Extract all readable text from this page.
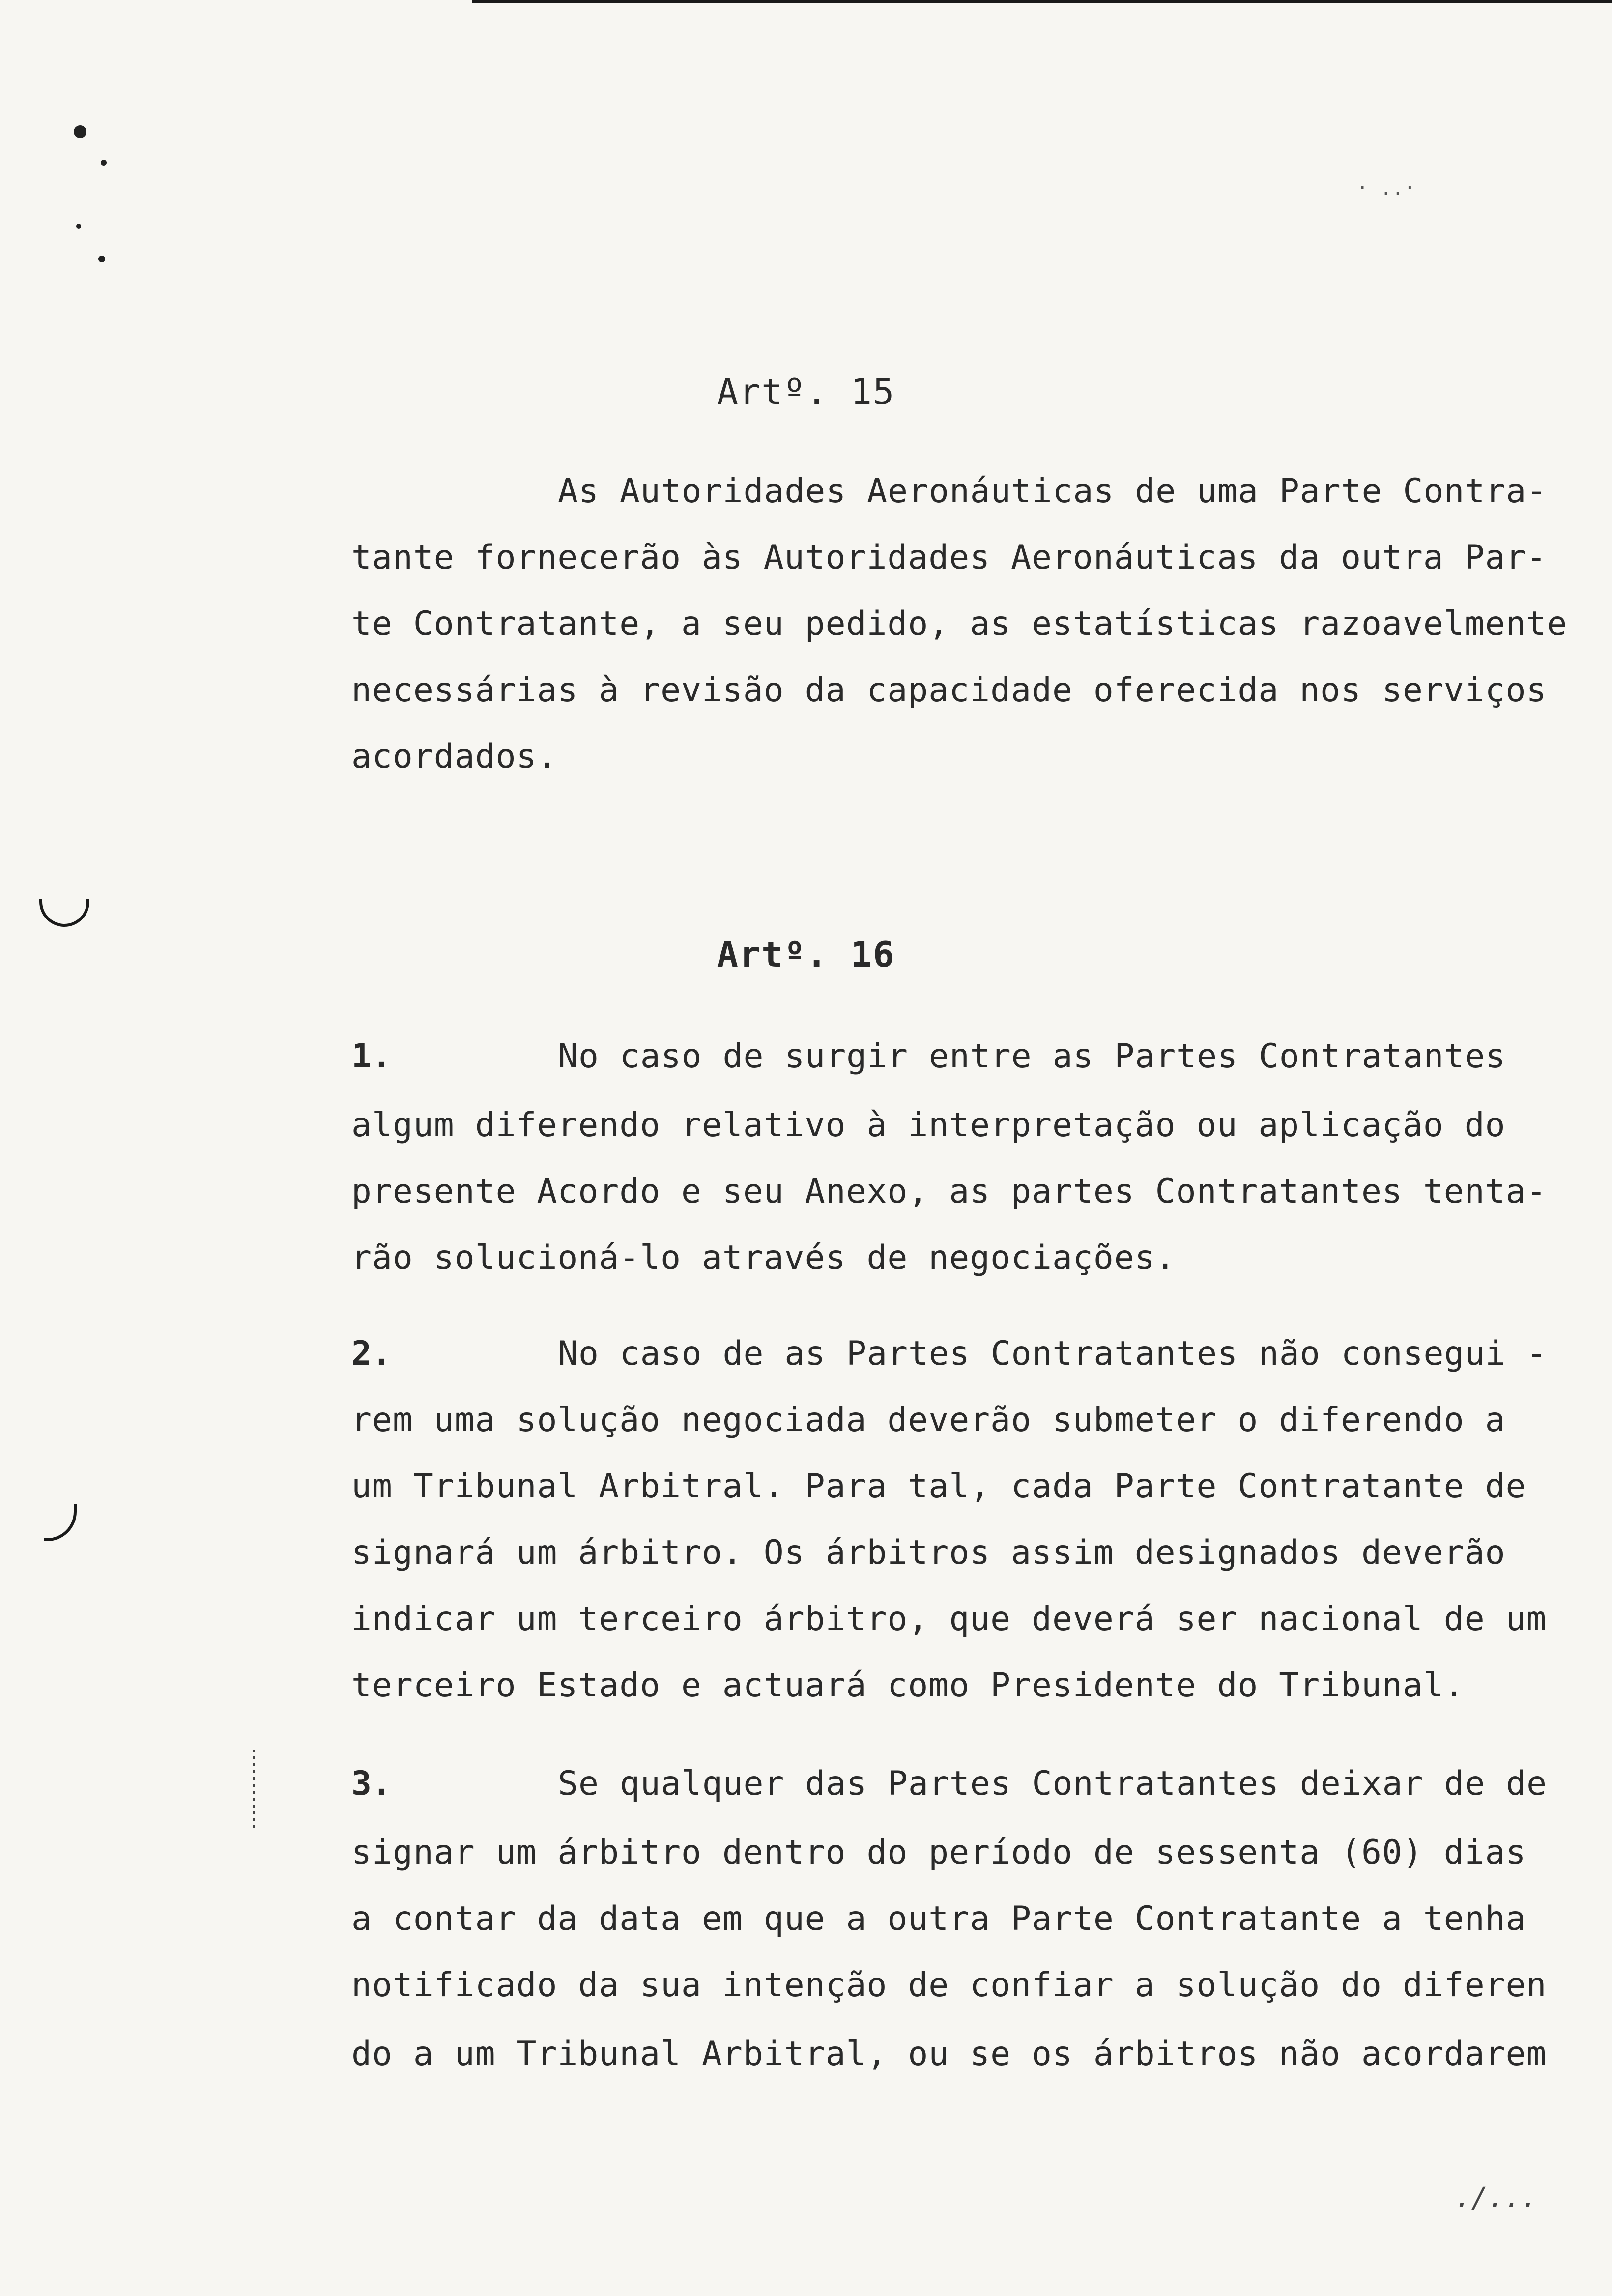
· ..·
Artº. 15
As Autoridades Aeronáuticas de uma Parte Contra-
tante fornecerão às Autoridades Aeronáuticas da outra Par-
te Contratante, a seu pedido, as estatísticas razoavelmente
necessárias à revisão da capacidade oferecida nos serviços
acordados.
Artº. 16
1.	No caso de surgir entre as Partes Contratantes
algum diferendo relativo à interpretação ou aplicação do
presente Acordo e seu Anexo, as partes Contratantes tenta-
rão solucioná-lo através de negociações.
2.	No caso de as Partes Contratantes não consegui -
rem uma solução negociada deverão submeter o diferendo a
um Tribunal Arbitral. Para tal, cada Parte Contratante de
signará um árbitro. Os árbitros assim designados deverão
indicar um terceiro árbitro, que deverá ser nacional de um
terceiro Estado e actuará como Presidente do Tribunal.
3.	Se qualquer das Partes Contratantes deixar de de
signar um árbitro dentro do período de sessenta (60) dias
a contar da data em que a outra Parte Contratante a tenha
notificado da sua intenção de confiar a solução do diferen
do a um Tribunal Arbitral, ou se os árbitros não acordarem
./...
